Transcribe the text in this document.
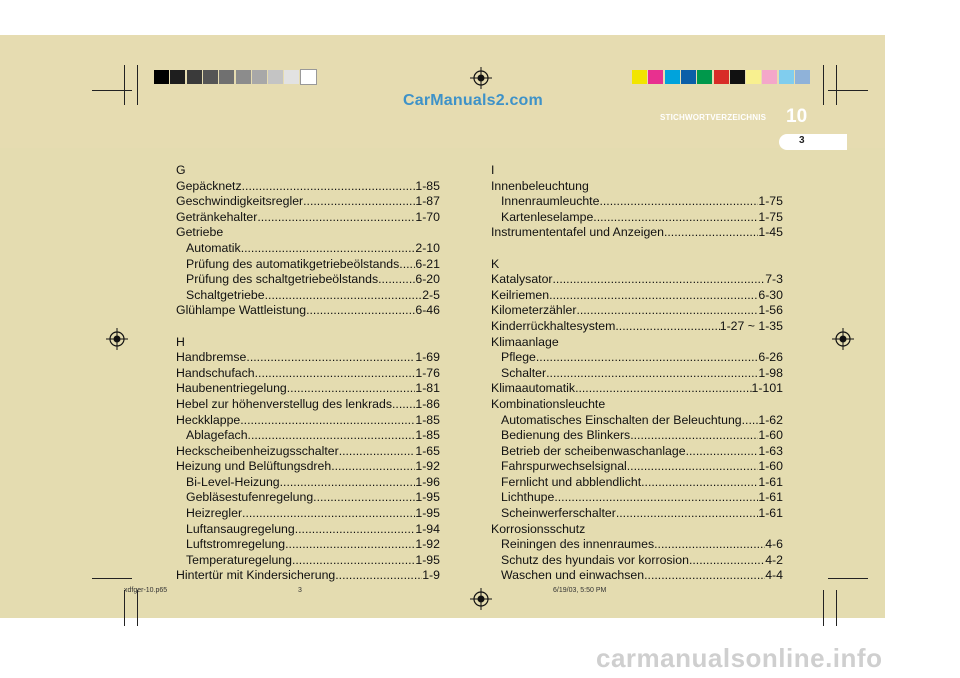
CarManuals2.com
STICHWORTVERZEICHNIS 10
3
G
Gepäcknetz .....	1-85
Geschwindigkeitsregler .....	1-87
Getränkehalter .....	1-70
Getriebe
Automatik .....	2-10
Prüfung des automatikgetriebeölstands ..... 6-21
Prüfung des schaltgetriebeölstands .....	6-20
Schaltgetriebe .....	2-5
Glühlampe Wattleistung .....	6-46
H
Handbremse .....	1-69
Handschufach .....	1-76
Haubenentriegelung .....	1-81
Hebel zur höhenverstellug des lenkrads ..... 1-86
Heckklappe .....	1-85
Ablagefach .....	1-85
Heckscheibenheizugsschalter .....	1-65
Heizung und Belüftungsdreh .....	1-92
Bi-Level-Heizung .....	1-96
Gebläsestufenregelung .....	1-95
Heizregler .....	1-95
Luftansaugregelung .....	1-94
Luftstromregelung .....	1-92
Temperaturegelung .....	1-95
Hintertür mit Kindersicherung .....	1-9
I
Innenbeleuchtung
Innenraumleuchte .....	1-75
Kartenleselampe .....	1-75
Instrumententafel und Anzeigen .....	1-45
K
Katalysator .....	7-3
Keilriemen .....	6-30
Kilometerzähler .....	1-56
Kinderrückhaltesystem .....	1-27 ~ 1-35
Klimaanlage
Pflege .....	6-26
Schalter .....	1-98
Klimaautomatik .....	1-101
Kombinationsleuchte
Automatisches Einschalten der Beleuchtung ..... 1-62
Bedienung des Blinkers .....	1-60
Betrieb der scheibenwaschanlage .....	1-63
Fahrspurwechselsignal .....	1-60
Fernlicht und abblendlicht .....	1-61
Lichthupe .....	1-61
Scheinwerferschalter .....	1-61
Korrosionsschutz
Reiningen des innenraumes .....	4-6
Schutz des hyundais vor korrosion .....	4-2
Waschen und einwachsen .....	4-4
xdfger-10.p65	3	6/19/03, 5:50 PM
carmanualsonline.info
